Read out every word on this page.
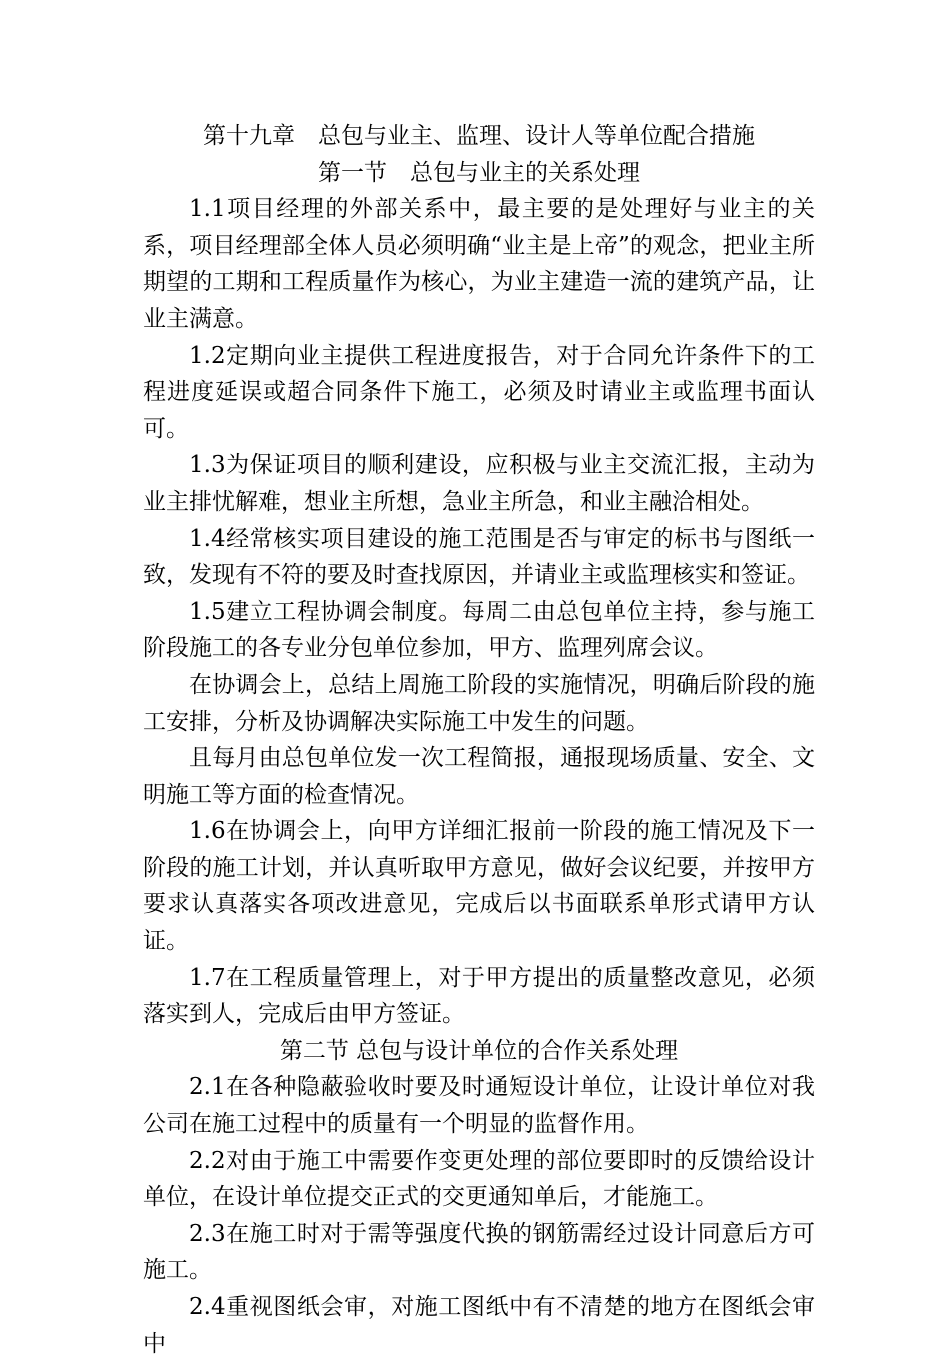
第十九章　总包与业主、监理、设计人等单位配合措施

第一节　总包与业主的关系处理

1.1项目经理的外部关系中，最主要的是处理好与业主的关系，项目经理部全体人员必须明确“业主是上帝”的观念，把业主所期望的工期和工程质量作为核心，为业主建造一流的建筑产品，让业主满意。

1.2定期向业主提供工程进度报告，对于合同允许条件下的工程进度延误或超合同条件下施工，必须及时请业主或监理书面认可。

1.3为保证项目的顺利建设，应积极与业主交流汇报，主动为业主排忧解难，想业主所想，急业主所急，和业主融洽相处。

1.4经常核实项目建设的施工范围是否与审定的标书与图纸一致，发现有不符的要及时查找原因，并请业主或监理核实和签证。

1.5建立工程协调会制度。每周二由总包单位主持，参与施工阶段施工的各专业分包单位参加，甲方、监理列席会议。

在协调会上，总结上周施工阶段的实施情况，明确后阶段的施工安排，分析及协调解决实际施工中发生的问题。

且每月由总包单位发一次工程简报，通报现场质量、安全、文明施工等方面的检查情况。

1.6在协调会上，向甲方详细汇报前一阶段的施工情况及下一阶段的施工计划，并认真听取甲方意见，做好会议纪要，并按甲方要求认真落实各项改进意见，完成后以书面联系单形式请甲方认证。

1.7在工程质量管理上，对于甲方提出的质量整改意见，必须落实到人，完成后由甲方签证。

第二节 总包与设计单位的合作关系处理

2.1在各种隐蔽验收时要及时通短设计单位，让设计单位对我公司在施工过程中的质量有一个明显的监督作用。

2.2对由于施工中需要作变更处理的部位要即时的反馈给设计单位，在设计单位提交正式的交更通知单后，才能施工。

2.3在施工时对于需等强度代换的钢筋需经过设计同意后方可施工。

2.4重视图纸会审，对施工图纸中有不清楚的地方在图纸会审中
